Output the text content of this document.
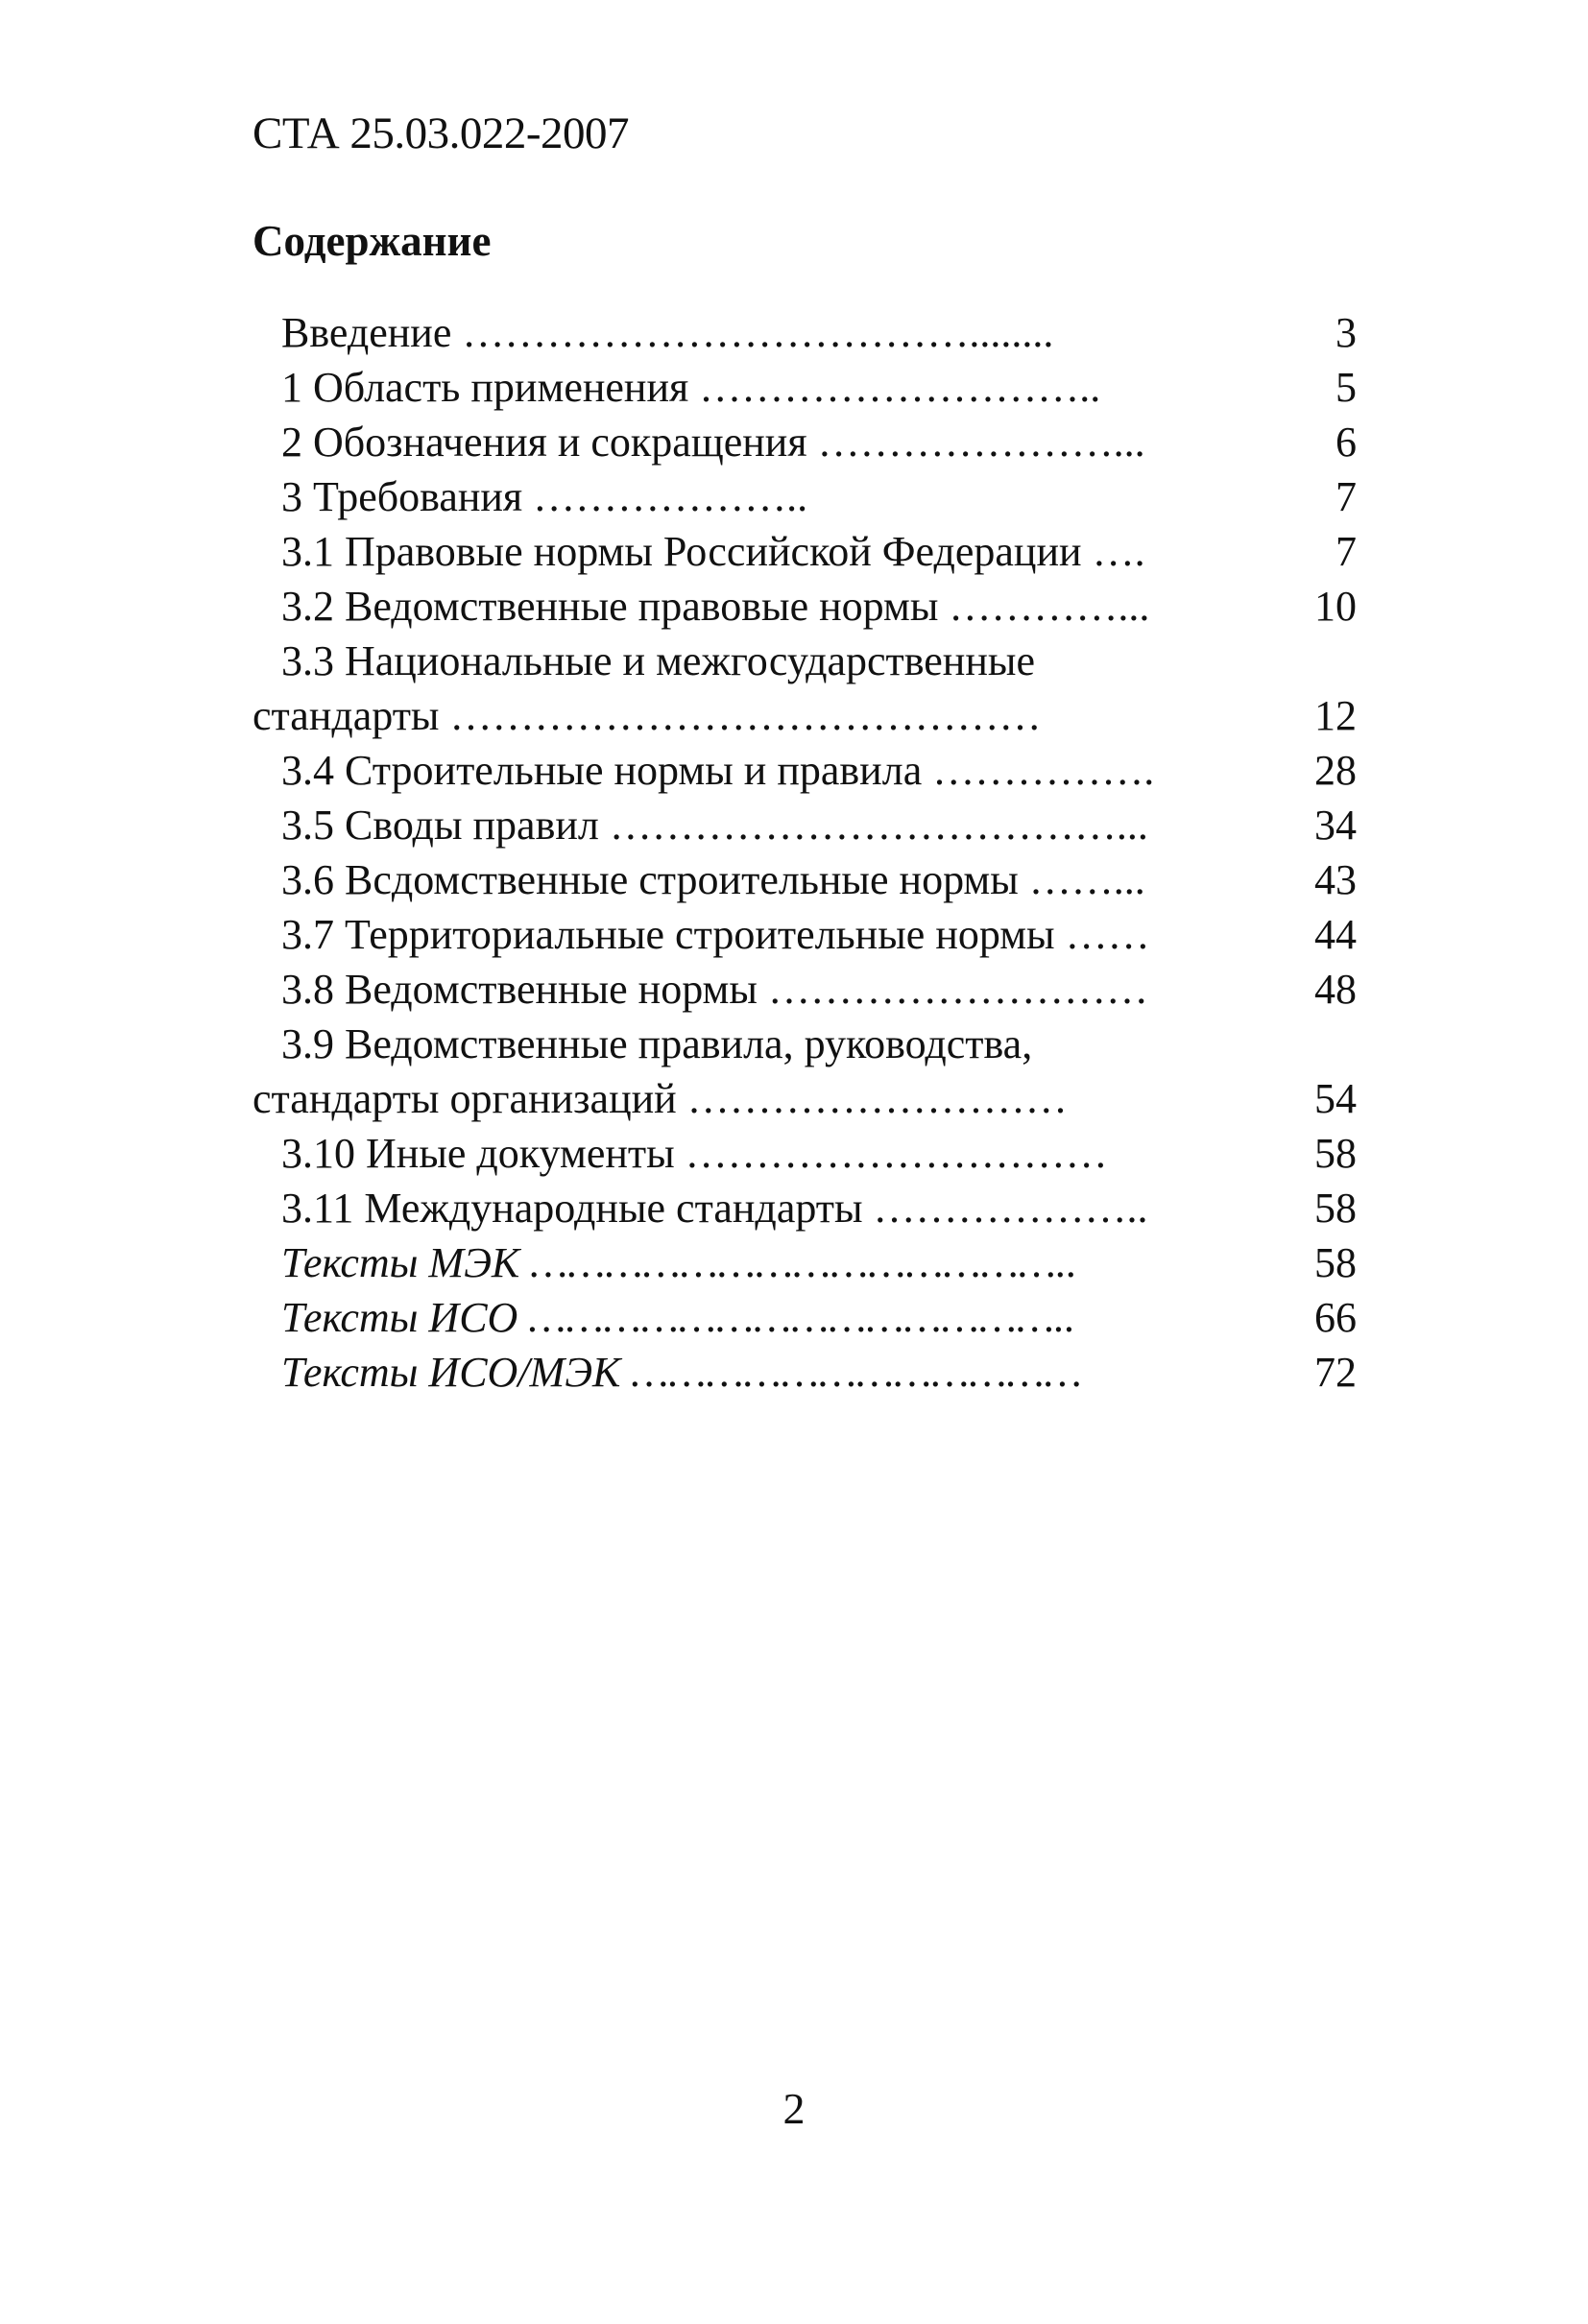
СТА 25.03.022-2007
Содержание
Введение ………………………………........	3
1 Область применения ………………………..	5
2 Обозначения и сокращения …………………...	6
3 Требования ………………..	7
3.1 Правовые нормы Российской Федерации ….	7
3.2 Ведомственные правовые нормы …………...	10
3.3 Национальные и межгосударственные
стандарты ……………………………………	12
3.4 Строительные нормы и правила …………….	28
3.5 Своды правил ………………………………...	34
3.6 Всдомственные строительные нормы ……...	43
3.7 Территориальные строительные нормы ……	44
3.8 Ведомственные нормы ………………………	48
3.9 Ведомственные правила, руководства,
стандарты организаций ………………………	54
3.10 Иные документы …………………………	58
3.11 Международные стандарты ………………..	58
Тексты МЭК ……………………………………..	58
Тексты ИСО ……………………………………..	66
Тексты ИСО/МЭК ………………………………	72
2
